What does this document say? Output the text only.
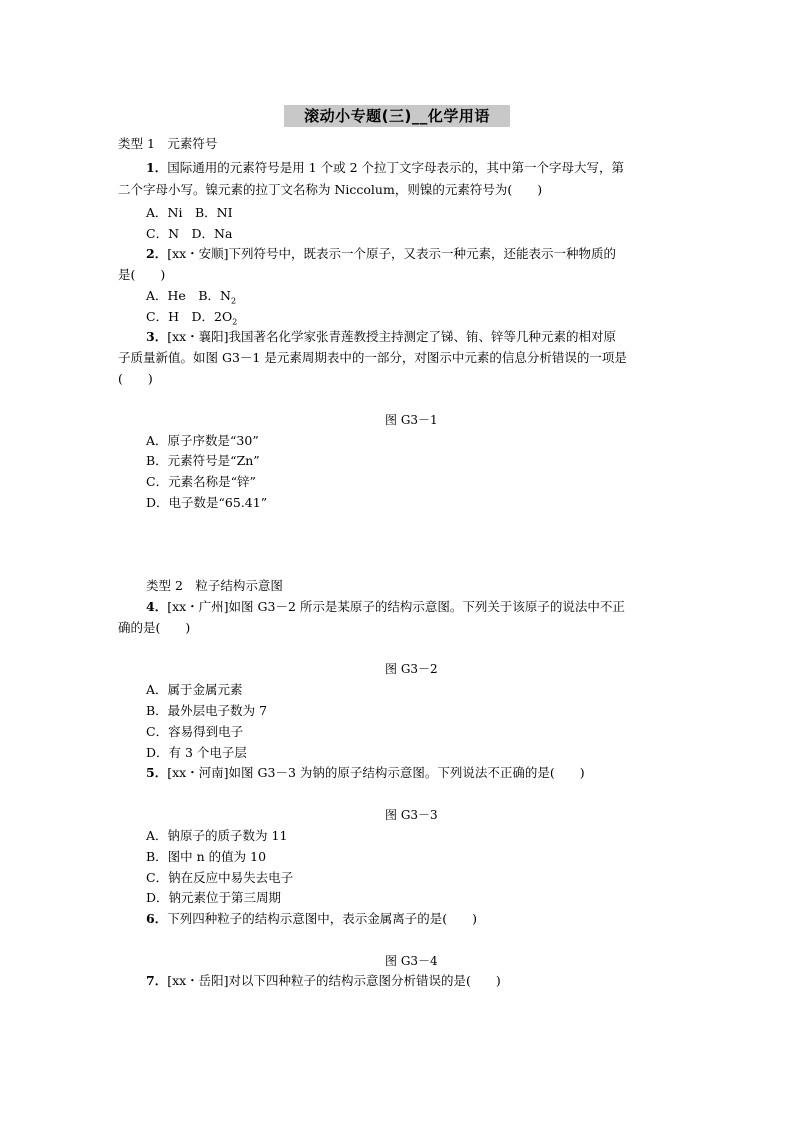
滚动小专题(三)__化学用语
类型 1　元素符号
1．国际通用的元素符号是用 1 个或 2 个拉丁文字母表示的，其中第一个字母大写，第
二个字母小写。镍元素的拉丁文名称为 Niccolum，则镍的元素符号为(　　)
A．Ni　B．NI
C．N　D．Na
2．[xx・安顺]下列符号中，既表示一个原子，又表示一种元素，还能表示一种物质的
是(　　)
A．He　B．$N_2$
C．H　D．$2O_2$
3．[xx・襄阳]我国著名化学家张青莲教授主持测定了锑、铕、锌等几种元素的相对原
子质量新值。如图 G3－1 是元素周期表中的一部分，对图示中元素的信息分析错误的一项是
(　　)
图 G3－1
A．原子序数是“30”
B．元素符号是“Zn”
C．元素名称是“锌”
D．电子数是“65.41”
类型 2　粒子结构示意图
4．[xx・广州]如图 G3－2 所示是某原子的结构示意图。下列关于该原子的说法中不正
确的是(　　)
图 G3－2
A．属于金属元素
B．最外层电子数为 7
C．容易得到电子
D．有 3 个电子层
5．[xx・河南]如图 G3－3 为钠的原子结构示意图。下列说法不正确的是(　　)
图 G3－3
A．钠原子的质子数为 11
B．图中 n 的值为 10
C．钠在反应中易失去电子
D．钠元素位于第三周期
6．下列四种粒子的结构示意图中，表示金属离子的是(　　)
图 G3－4
7．[xx・岳阳]对以下四种粒子的结构示意图分析错误的是(　　)
